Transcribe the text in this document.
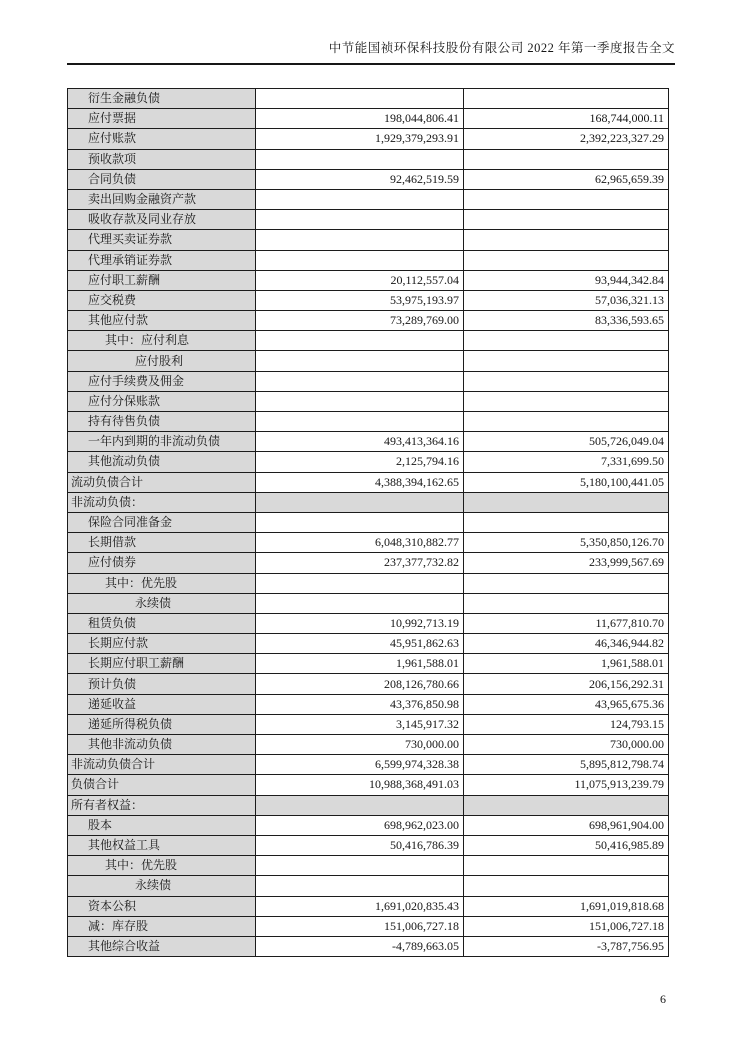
中节能国祯环保科技股份有限公司 2022 年第一季度报告全文
衍生金融负债		
应付票据	198,044,806.41	168,744,000.11
应付账款	1,929,379,293.91	2,392,223,327.29
预收款项		
合同负债	92,462,519.59	62,965,659.39
卖出回购金融资产款		
吸收存款及同业存放		
代理买卖证券款		
代理承销证券款		
应付职工薪酬	20,112,557.04	93,944,342.84
应交税费	53,975,193.97	57,036,321.13
其他应付款	73,289,769.00	83,336,593.65
其中：应付利息		
应付股利		
应付手续费及佣金		
应付分保账款		
持有待售负债		
一年内到期的非流动负债	493,413,364.16	505,726,049.04
其他流动负债	2,125,794.16	7,331,699.50
流动负债合计	4,388,394,162.65	5,180,100,441.05
非流动负债：		
保险合同准备金		
长期借款	6,048,310,882.77	5,350,850,126.70
应付债券	237,377,732.82	233,999,567.69
其中：优先股		
永续债		
租赁负债	10,992,713.19	11,677,810.70
长期应付款	45,951,862.63	46,346,944.82
长期应付职工薪酬	1,961,588.01	1,961,588.01
预计负债	208,126,780.66	206,156,292.31
递延收益	43,376,850.98	43,965,675.36
递延所得税负债	3,145,917.32	124,793.15
其他非流动负债	730,000.00	730,000.00
非流动负债合计	6,599,974,328.38	5,895,812,798.74
负债合计	10,988,368,491.03	11,075,913,239.79
所有者权益：		
股本	698,962,023.00	698,961,904.00
其他权益工具	50,416,786.39	50,416,985.89
其中：优先股		
永续债		
资本公积	1,691,020,835.43	1,691,019,818.68
减：库存股	151,006,727.18	151,006,727.18
其他综合收益	-4,789,663.05	-3,787,756.95
6
